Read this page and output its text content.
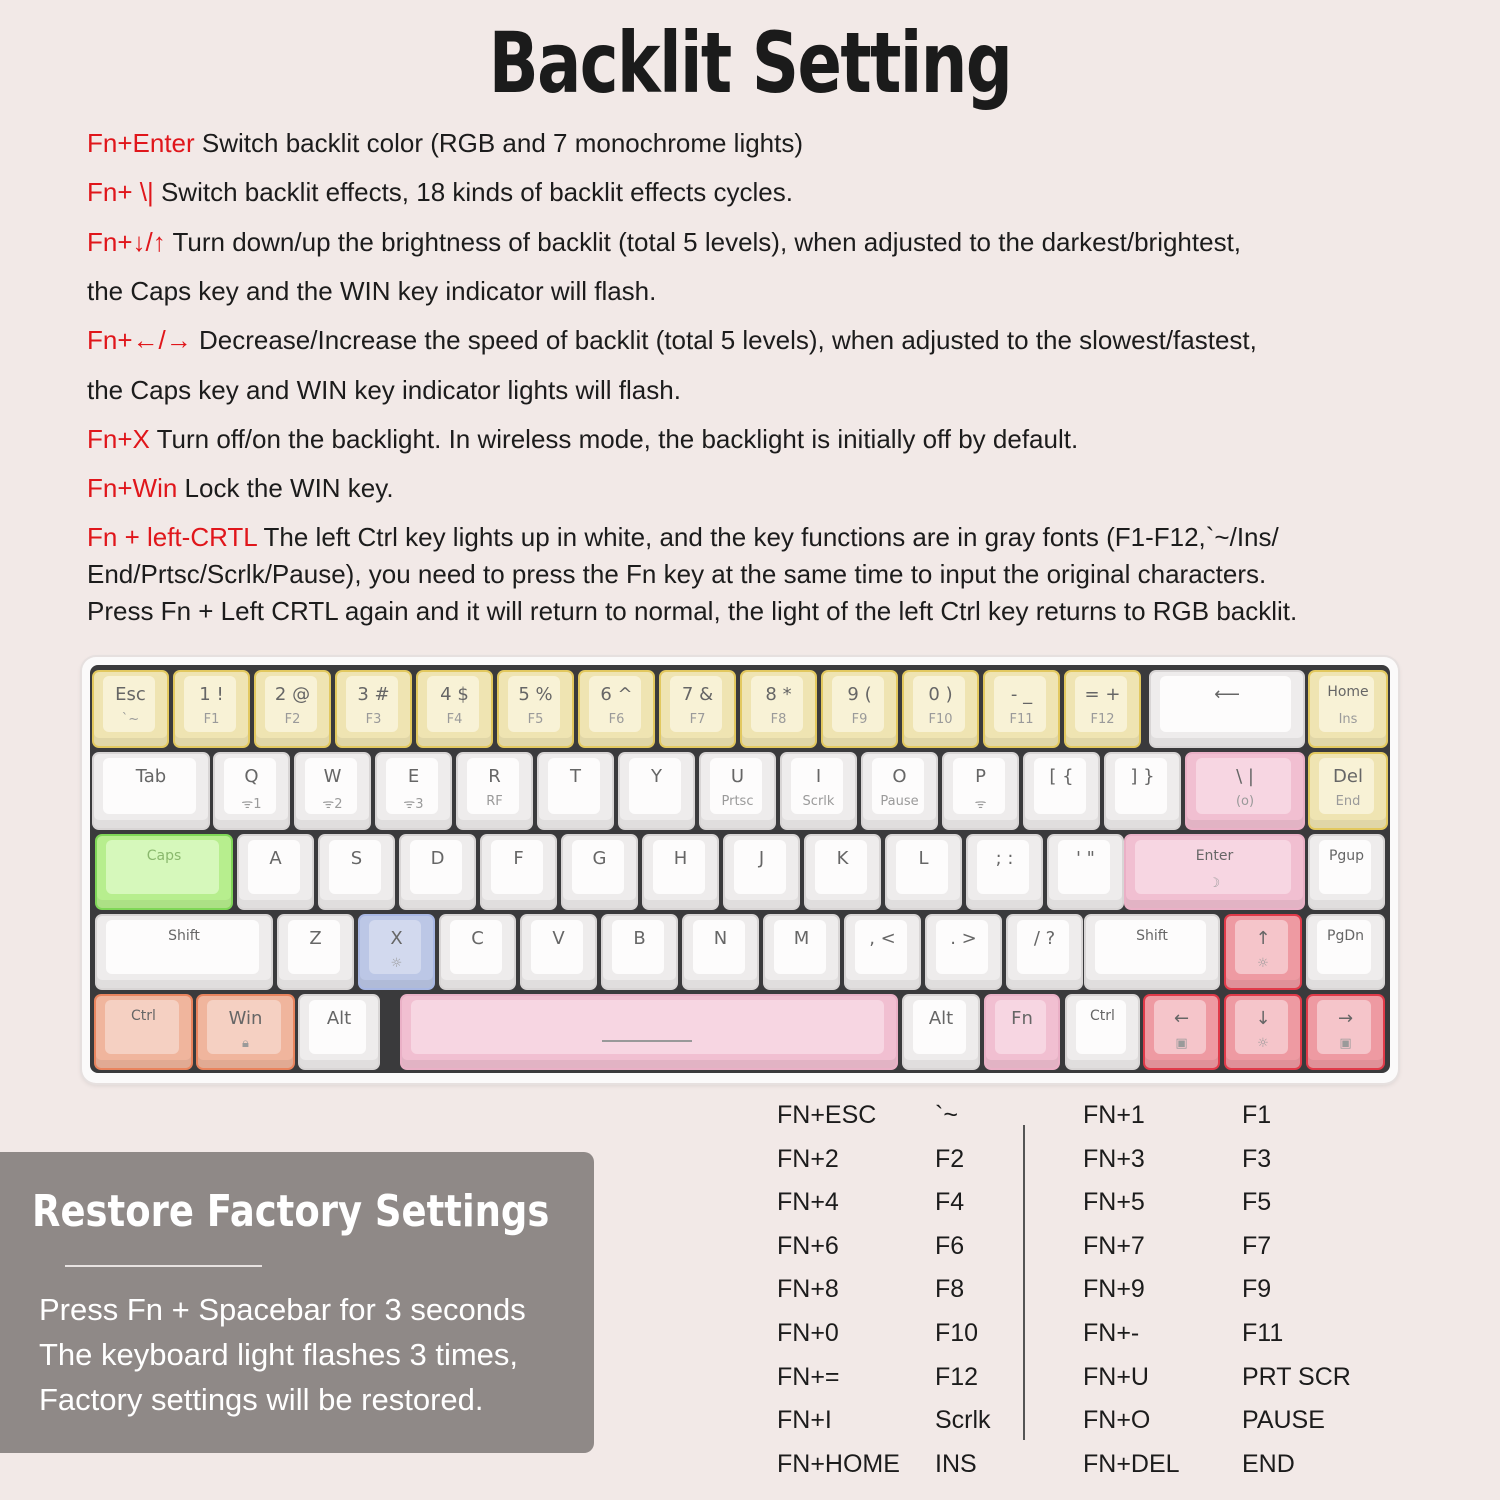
Backlit Setting
Fn+Enter Switch backlit color (RGB and 7 monochrome lights)
Fn+ \| Switch backlit effects, 18 kinds of backlit effects cycles.
Fn+↓/↑ Turn down/up the brightness of backlit (total 5 levels), when adjusted to the darkest/brightest,
the Caps key and the WIN key indicator will flash.
Fn+←/→ Decrease/Increase the speed of backlit (total 5 levels), when adjusted to the slowest/fastest,
the Caps key and WIN key indicator lights will flash.
Fn+X Turn off/on the backlight. In wireless mode, the backlight is initially off by default.
Fn+Win Lock the WIN key.
Fn + left-CRTL The left Ctrl key lights up in white, and the key functions are in gray fonts (F1-F12,`~/Ins/
End/Prtsc/Scrlk/Pause), you need to press the Fn key at the same time to input the original characters.
Press Fn + Left CRTL again and it will return to normal, the light of the left Ctrl key returns to RGB backlit.
Esc
`~
1 !
F1
2 @
F2
3 #
F3
4 $
F4
5 %
F5
6 ^
F6
7 &
F7
8 *
F8
9 (
F9
0 )
F10
- _
F11
= +
F12
⟵	Home
Ins
Tab	Q
ᯤ1
W
ᯤ2
E
ᯤ3
R
RF
T	Y	U
Prtsc
I
Scrlk
O
Pause
P
ᯤ
[ {	] }	\ |
(o)
Del
End
Caps	A	S	D	F	G	H	J	K	L	; :	' "	Enter
☽
Pgup
Shift	Z	X
☼
C	V	B	N	M	, <	. >	/ ?	Shift	↑
☼
PgDn
Ctrl	Win
🔒︎
Alt	Alt	Fn	Ctrl	←
▣
↓
☼
→
▣
Restore Factory Settings
Press Fn + Spacebar for 3 seconds
The keyboard light flashes 3 times,
Factory settings will be restored.
FN+ESC `~
FN+2	F2
FN+4	F4
FN+6	F6
FN+8	F8
FN+0	F10
FN+=	F12
FN+I	Scrlk
FN+HOME INS
FN+1	F1
FN+3	F3
FN+5	F5
FN+7	F7
FN+9	F9
FN+-	F11
FN+U	PRT SCR
FN+O	PAUSE
FN+DEL END
